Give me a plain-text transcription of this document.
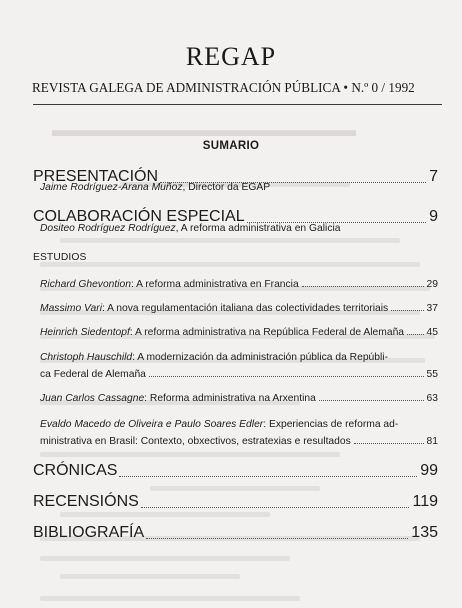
▬▬▬▬▬▬▬▬▬▬▬▬▬▬▬▬
REGAP
REVISTA GALEGA DE ADMINISTRACIÓN PÚBLICA • N.º 0 / 1992
SUMARIO
PRESENTACIÓN	7
Jaime Rodríguez-Arana Muñoz, Director da EGAP
COLABORACIÓN ESPECIAL	9
Dositeo Rodríguez Rodríguez, A reforma administrativa en Galicia
ESTUDIOS
Richard Ghevontion: A reforma administrativa en Francia	29
Massimo Vari: A nova regulamentación italiana das colectividades territoriais	37
Heinrich Siedentopf: A reforma administrativa na República Federal de Alemaña 45
Christoph Hauschild: A modernización da administración pública da Repúbli-
ca Federal de Alemaña	55
Juan Carlos Cassagne: Reforma administrativa na Arxentina	63
Evaldo Macedo de Oliveira e Paulo Soares Edler: Experiencias de reforma ad-
ministrativa en Brasil: Contexto, obxectivos, estratexias e resultados	81
CRÓNICAS	99
RECENSIÓNS	119
BIBLIOGRAFÍA	135
